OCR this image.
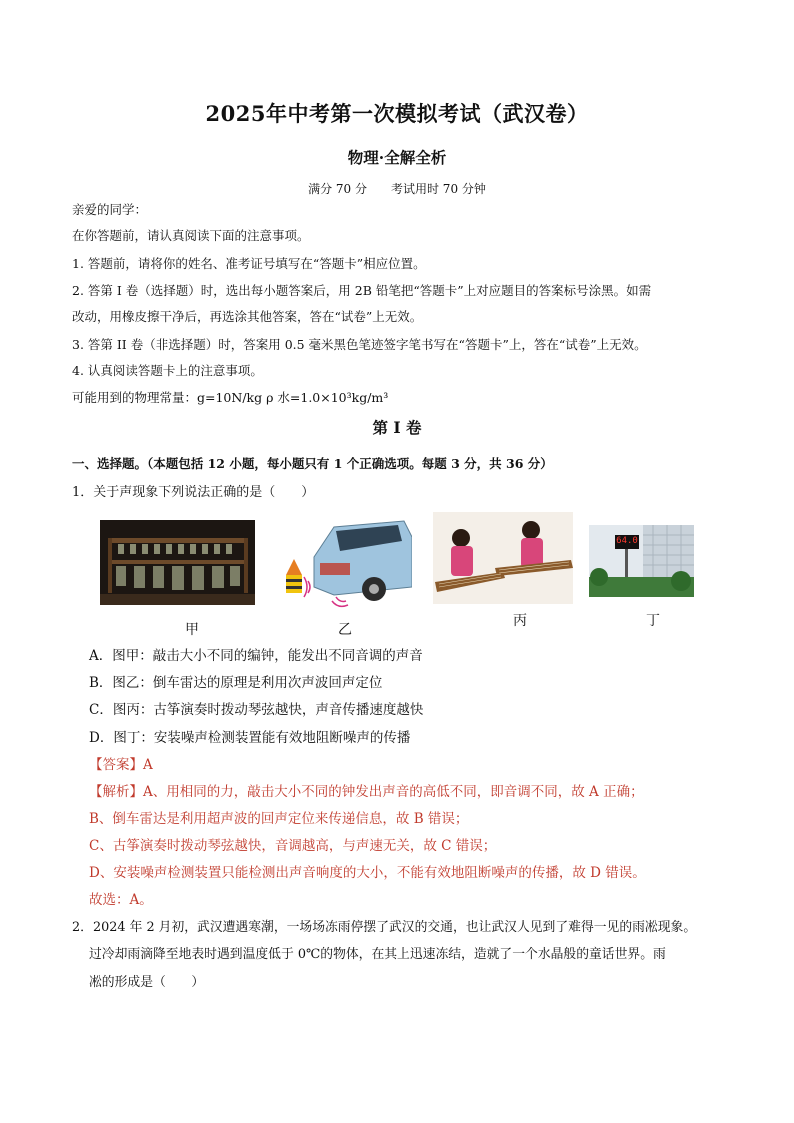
2025年中考第一次模拟考试（武汉卷）
物理·全解全析
满分 70 分　　考试用时 70 分钟
亲爱的同学：
在你答题前，请认真阅读下面的注意事项。
1. 答题前，请将你的姓名、准考证号填写在“答题卡”相应位置。
2. 答第 I 卷（选择题）时，选出每小题答案后，用 2B 铅笔把“答题卡”上对应题目的答案标号涂黑。如需
改动，用橡皮擦干净后，再选涂其他答案，答在“试卷”上无效。
3. 答第 II 卷（非选择题）时，答案用 0.5 毫米黑色笔迹签字笔书写在“答题卡”上，答在“试卷”上无效。
4. 认真阅读答题卡上的注意事项。
可能用到的物理常量：g=10N/kg ρ 水=1.0×10³kg/m³
第 I 卷
一、选择题。（本题包括 12 小题，每小题只有 1 个正确选项。每题 3 分，共 36 分）
1．关于声现象下列说法正确的是（　　）
64.0
甲	乙
丙	丁
A．图甲：敲击大小不同的编钟，能发出不同音调的声音
B．图乙：倒车雷达的原理是利用次声波回声定位
C．图丙：古筝演奏时拨动琴弦越快，声音传播速度越快
D．图丁：安装噪声检测装置能有效地阻断噪声的传播
【答案】A
【解析】A、用相同的力，敲击大小不同的钟发出声音的高低不同，即音调不同，故 A 正确；
B、倒车雷达是利用超声波的回声定位来传递信息，故 B 错误；
C、古筝演奏时拨动琴弦越快，音调越高，与声速无关，故 C 错误；
D、安装噪声检测装置只能检测出声音响度的大小，不能有效地阻断噪声的传播，故 D 错误。
故选：A。
2．2024 年 2 月初，武汉遭遇寒潮，一场场冻雨停摆了武汉的交通，也让武汉人见到了难得一见的雨凇现象。
过冷却雨滴降至地表时遇到温度低于 0℃的物体，在其上迅速冻结，造就了一个水晶般的童话世界。雨
凇的形成是（　　）
